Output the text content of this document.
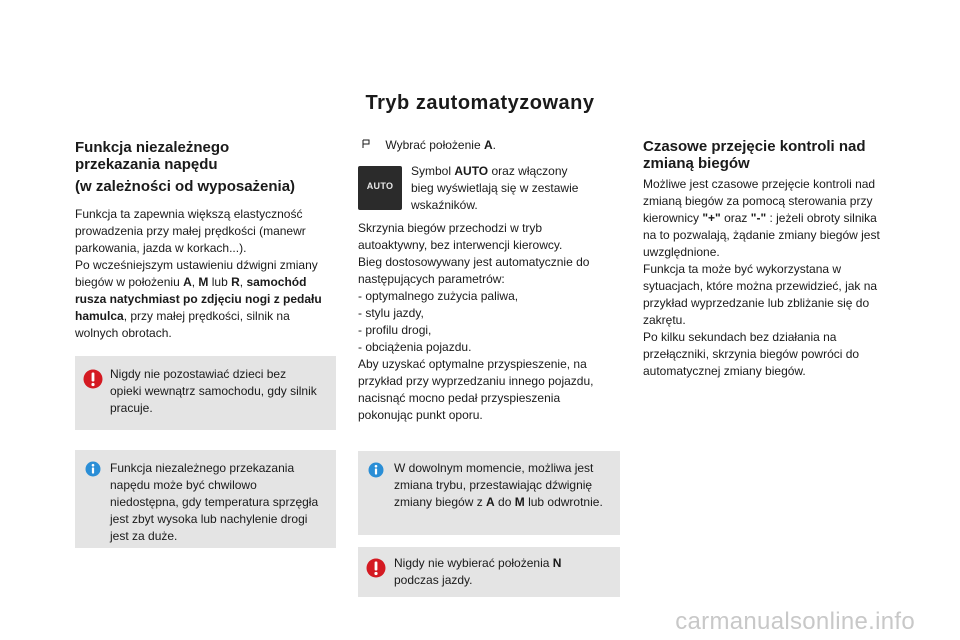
Tryb zautomatyzowany
Funkcja niezależnego
przekazania napędu
(w zależności od wyposażenia)
Funkcja ta zapewnia większą elastyczność
prowadzenia przy małej prędkości (manewr
parkowania, jazda w korkach...).
Po wcześniejszym ustawieniu dźwigni zmiany
biegów w położeniu A, M lub R, samochód
rusza natychmiast po zdjęciu nogi z pedału
hamulca, przy małej prędkości, silnik na
wolnych obrotach.
Nigdy nie pozostawiać dzieci bez
opieki wewnątrz samochodu, gdy silnik
pracuje.
Funkcja niezależnego przekazania
napędu może być chwilowo
niedostępna, gdy temperatura sprzęgła
jest zbyt wysoka lub nachylenie drogi
jest za duże.
Wybrać położenie A.
AUTO
Symbol AUTO oraz włączony
bieg wyświetlają się w zestawie
wskaźników.
Skrzynia biegów przechodzi w tryb
autoaktywny, bez interwencji kierowcy.
Bieg dostosowywany jest automatycznie do
następujących parametrów:
- optymalnego zużycia paliwa,
- stylu jazdy,
- profilu drogi,
- obciążenia pojazdu.
Aby uzyskać optymalne przyspieszenie, na
przykład przy wyprzedzaniu innego pojazdu,
nacisnąć mocno pedał przyspieszenia
pokonując punkt oporu.
W dowolnym momencie, możliwa jest
zmiana trybu, przestawiając dźwignię
zmiany biegów z A do M lub odwrotnie.
Nigdy nie wybierać położenia N
podczas jazdy.
Czasowe przejęcie kontroli nad
zmianą biegów
Możliwe jest czasowe przejęcie kontroli nad
zmianą biegów za pomocą sterowania przy
kierownicy "+" oraz "-" : jeżeli obroty silnika
na to pozwalają, żądanie zmiany biegów jest
uwzględnione.
Funkcja ta może być wykorzystana w
sytuacjach, które można przewidzieć, jak na
przykład wyprzedzanie lub zbliżanie się do
zakrętu.
Po kilku sekundach bez działania na
przełączniki, skrzynia biegów powróci do
automatycznej zmiany biegów.
carmanualsonline.info
